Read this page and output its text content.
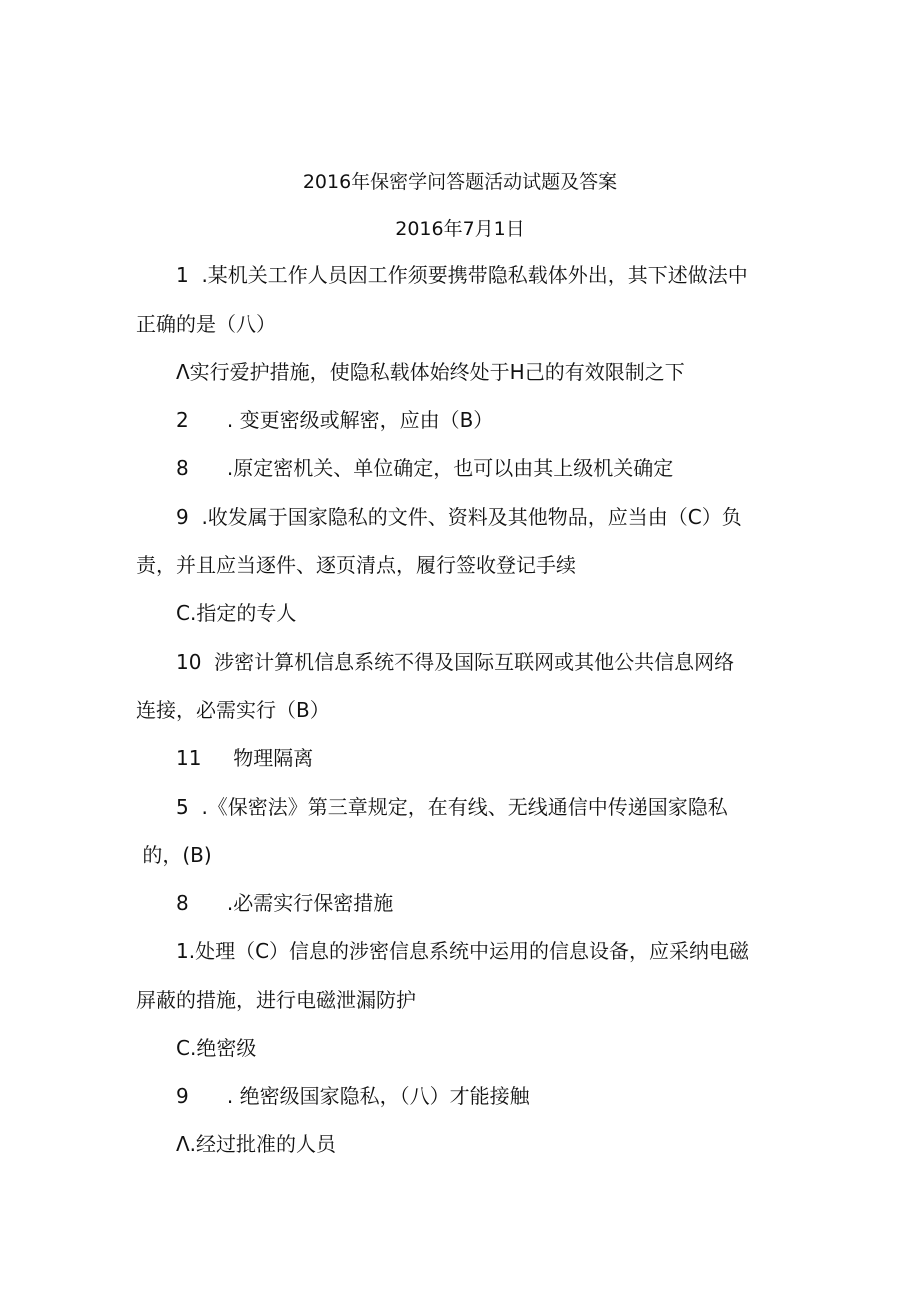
2016年保密学问答题活动试题及答案
2016年7月1日
1  .某机关工作人员因工作须要携带隐私载体外出，其下述做法中
正确的是（八）
Λ实行爱护措施，使隐私载体始终处于H己的有效限制之下
2      . 变更密级或解密，应由（B）
8      .原定密机关、单位确定，也可以由其上级机关确定
9  .收发属于国家隐私的文件、资料及其他物品，应当由（C）负
责，并且应当逐件、逐页清点，履行签收登记手续
C.指定的专人
10  涉密计算机信息系统不得及国际互联网或其他公共信息网络
连接，必需实行（B）
11     物理隔离
5  .《保密法》第三章规定，在有线、无线通信中传递国家隐私
的，(B)
8      .必需实行保密措施
1.处理（C）信息的涉密信息系统中运用的信息设备，应采纳电磁
屏蔽的措施，进行电磁泄漏防护
C.绝密级
9      . 绝密级国家隐私，（八）才能接触
Λ.经过批准的人员
